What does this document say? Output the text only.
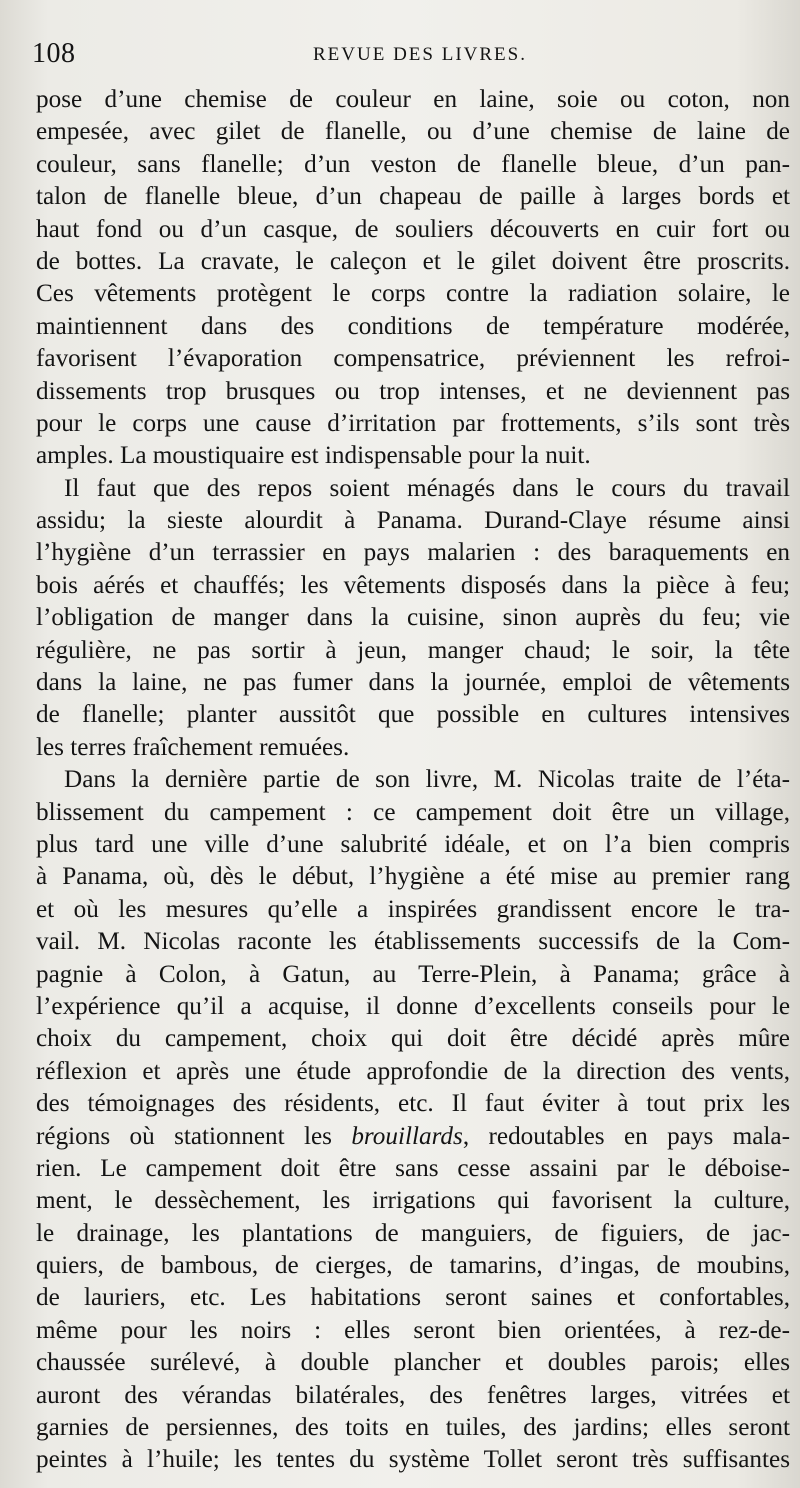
108	REVUE DES LIVRES.
pose d’une chemise de couleur en laine, soie ou coton, non
empesée, avec gilet de flanelle, ou d’une chemise de laine de
couleur, sans flanelle; d’un veston de flanelle bleue, d’un pan-
talon de flanelle bleue, d’un chapeau de paille à larges bords et
haut fond ou d’un casque, de souliers découverts en cuir fort ou
de bottes. La cravate, le caleçon et le gilet doivent être proscrits.
Ces vêtements protègent le corps contre la radiation solaire, le
maintiennent dans des conditions de température modérée,
favorisent l’évaporation compensatrice, préviennent les refroi-
dissements trop brusques ou trop intenses, et ne deviennent pas
pour le corps une cause d’irritation par frottements, s’ils sont très
amples. La moustiquaire est indispensable pour la nuit.
Il faut que des repos soient ménagés dans le cours du travail
assidu; la sieste alourdit à Panama. Durand-Claye résume ainsi
l’hygiène d’un terrassier en pays malarien : des baraquements en
bois aérés et chauffés; les vêtements disposés dans la pièce à feu;
l’obligation de manger dans la cuisine, sinon auprès du feu; vie
régulière, ne pas sortir à jeun, manger chaud; le soir, la tête
dans la laine, ne pas fumer dans la journée, emploi de vêtements
de flanelle; planter aussitôt que possible en cultures intensives
les terres fraîchement remuées.
Dans la dernière partie de son livre, M. Nicolas traite de l’éta-
blissement du campement : ce campement doit être un village,
plus tard une ville d’une salubrité idéale, et on l’a bien compris
à Panama, où, dès le début, l’hygiène a été mise au premier rang
et où les mesures qu’elle a inspirées grandissent encore le tra-
vail. M. Nicolas raconte les établissements successifs de la Com-
pagnie à Colon, à Gatun, au Terre-Plein, à Panama; grâce à
l’expérience qu’il a acquise, il donne d’excellents conseils pour le
choix du campement, choix qui doit être décidé après mûre
réflexion et après une étude approfondie de la direction des vents,
des témoignages des résidents, etc. Il faut éviter à tout prix les
régions où stationnent les brouillards, redoutables en pays mala-
rien. Le campement doit être sans cesse assaini par le déboise-
ment, le dessèchement, les irrigations qui favorisent la culture,
le drainage, les plantations de manguiers, de figuiers, de jac-
quiers, de bambous, de cierges, de tamarins, d’ingas, de moubins,
de lauriers, etc. Les habitations seront saines et confortables,
même pour les noirs : elles seront bien orientées, à rez-de-
chaussée surélevé, à double plancher et doubles parois; elles
auront des vérandas bilatérales, des fenêtres larges, vitrées et
garnies de persiennes, des toits en tuiles, des jardins; elles seront
peintes à l’huile; les tentes du système Tollet seront très suffisantes
